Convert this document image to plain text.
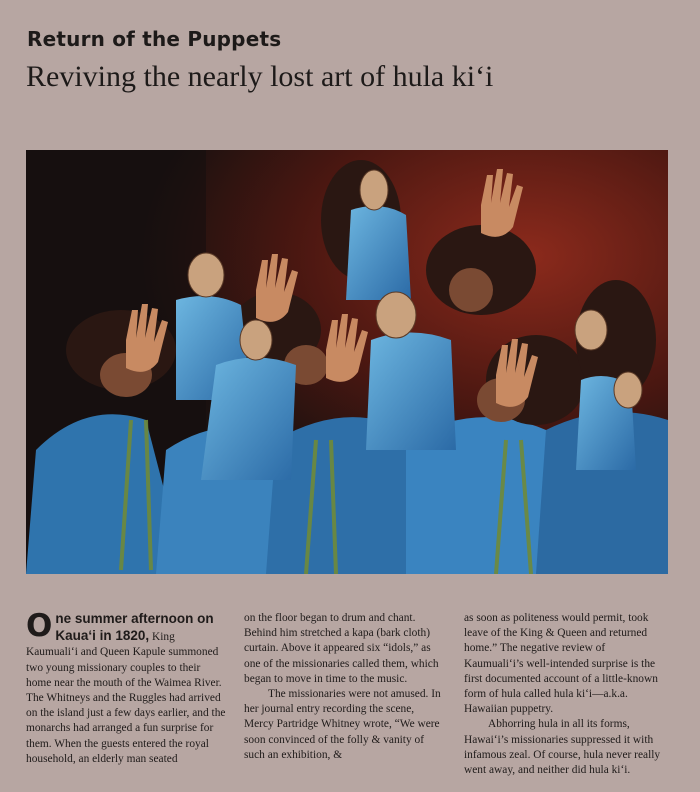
Return of the Puppets
Reviving the nearly lost art of hula kiʻi

One summer afternoon on Kauaʻi in 1820, King Kaumualiʻi and Queen Kapule summoned two young missionary couples to their home near the mouth of the Waimea River. The Whitneys and the Ruggles had arrived on the island just a few days earlier, and the monarchs had arranged a fun surprise for them. When the guests entered the royal household, an elderly man seated

on the floor began to drum and chant. Behind him stretched a kapa (bark cloth) curtain. Above it appeared six “idols,” as one of the missionaries called them, which began to move in time to the music.

The missionaries were not amused. In her journal entry recording the scene, Mercy Partridge Whitney wrote, “We were soon convinced of the folly & vanity of such an exhibition, &

as soon as politeness would permit, took leave of the King & Queen and returned home.” The negative review of Kaumualiʻi’s well-intended surprise is the first documented account of a little-known form of hula called hula kiʻi—a.k.a. Hawaiian puppetry.

Abhorring hula in all its forms, Hawaiʻi’s missionaries suppressed it with infamous zeal. Of course, hula never really went away, and neither did hula kiʻi.
